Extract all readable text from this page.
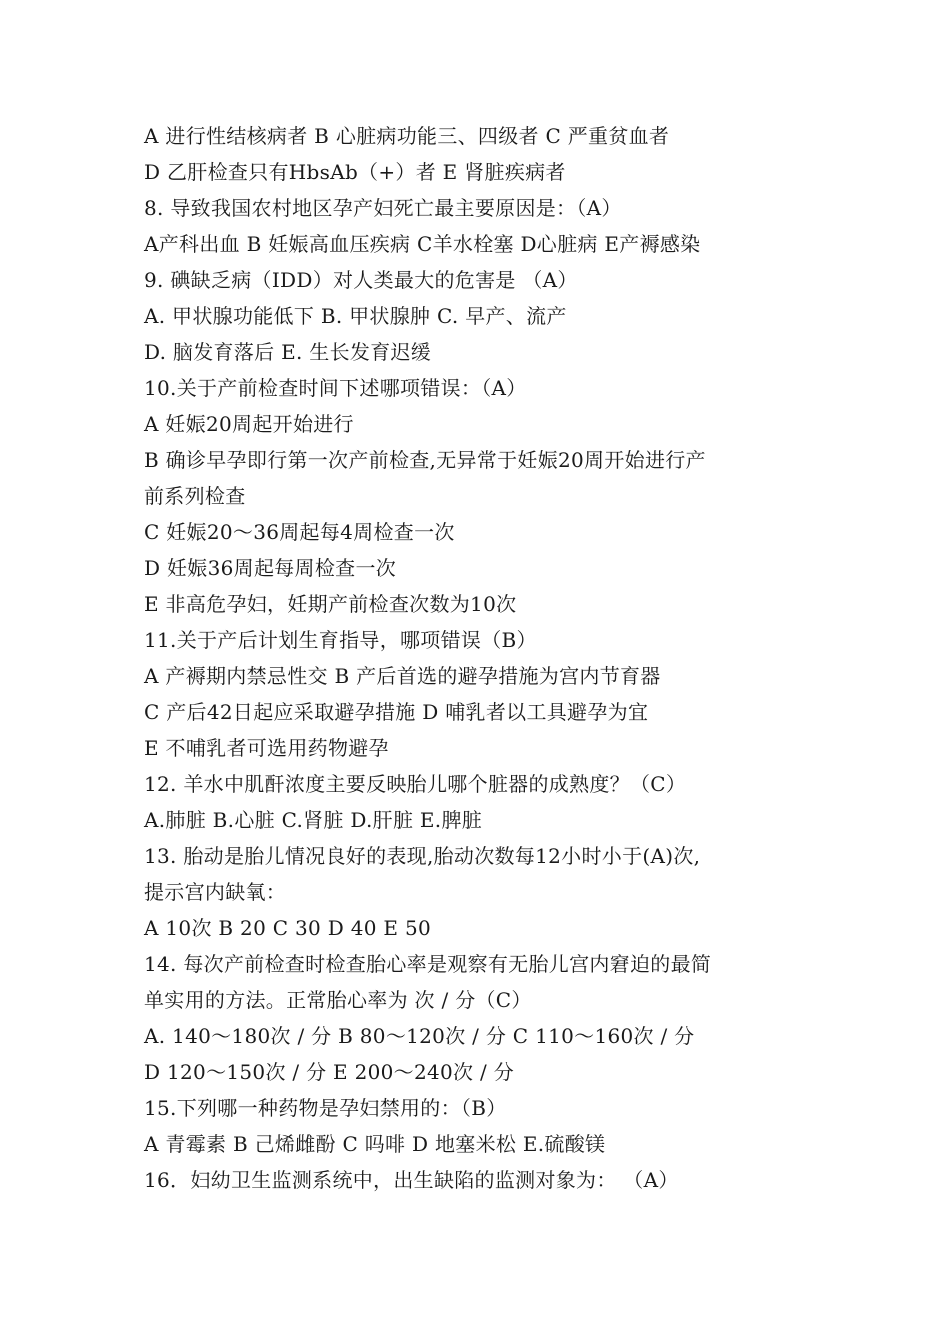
A 进行性结核病者 B 心脏病功能三、四级者 C 严重贫血者
D 乙肝检查只有HbsAb（+）者 E 肾脏疾病者
8. 导致我国农村地区孕产妇死亡最主要原因是：（A）
A产科出血 B 妊娠高血压疾病 C羊水栓塞 D心脏病 E产褥感染
9. 碘缺乏病（IDD）对人类最大的危害是 （A）
A. 甲状腺功能低下 B. 甲状腺肿 C. 早产、流产
D. 脑发育落后 E. 生长发育迟缓
10.关于产前检查时间下述哪项错误：（A）
A 妊娠20周起开始进行
B 确诊早孕即行第一次产前检查,无异常于妊娠20周开始进行产
前系列检查
C 妊娠20～36周起每4周检查一次
D 妊娠36周起每周检查一次
E 非高危孕妇，妊期产前检查次数为10次
11.关于产后计划生育指导，哪项错误（B）
A 产褥期内禁忌性交 B 产后首选的避孕措施为宫内节育器
C 产后42日起应采取避孕措施 D 哺乳者以工具避孕为宜
E 不哺乳者可选用药物避孕
12. 羊水中肌酐浓度主要反映胎儿哪个脏器的成熟度？（C）
A.肺脏 B.心脏 C.肾脏 D.肝脏 E.脾脏
13. 胎动是胎儿情况良好的表现,胎动次数每12小时小于(A)次,
提示宫内缺氧：
A 10次 B 20 C 30 D 40 E 50
14. 每次产前检查时检查胎心率是观察有无胎儿宫内窘迫的最简
单实用的方法。正常胎心率为 次 / 分（C）
A. 140～180次 / 分 B 80～120次 / 分 C 110～160次 / 分
D 120～150次 / 分 E 200～240次 / 分
15.下列哪一种药物是孕妇禁用的：（B）
A 青霉素 B 己烯雌酚 C 吗啡 D 地塞米松 E.硫酸镁
16．妇幼卫生监测系统中，出生缺陷的监测对象为： （A）
